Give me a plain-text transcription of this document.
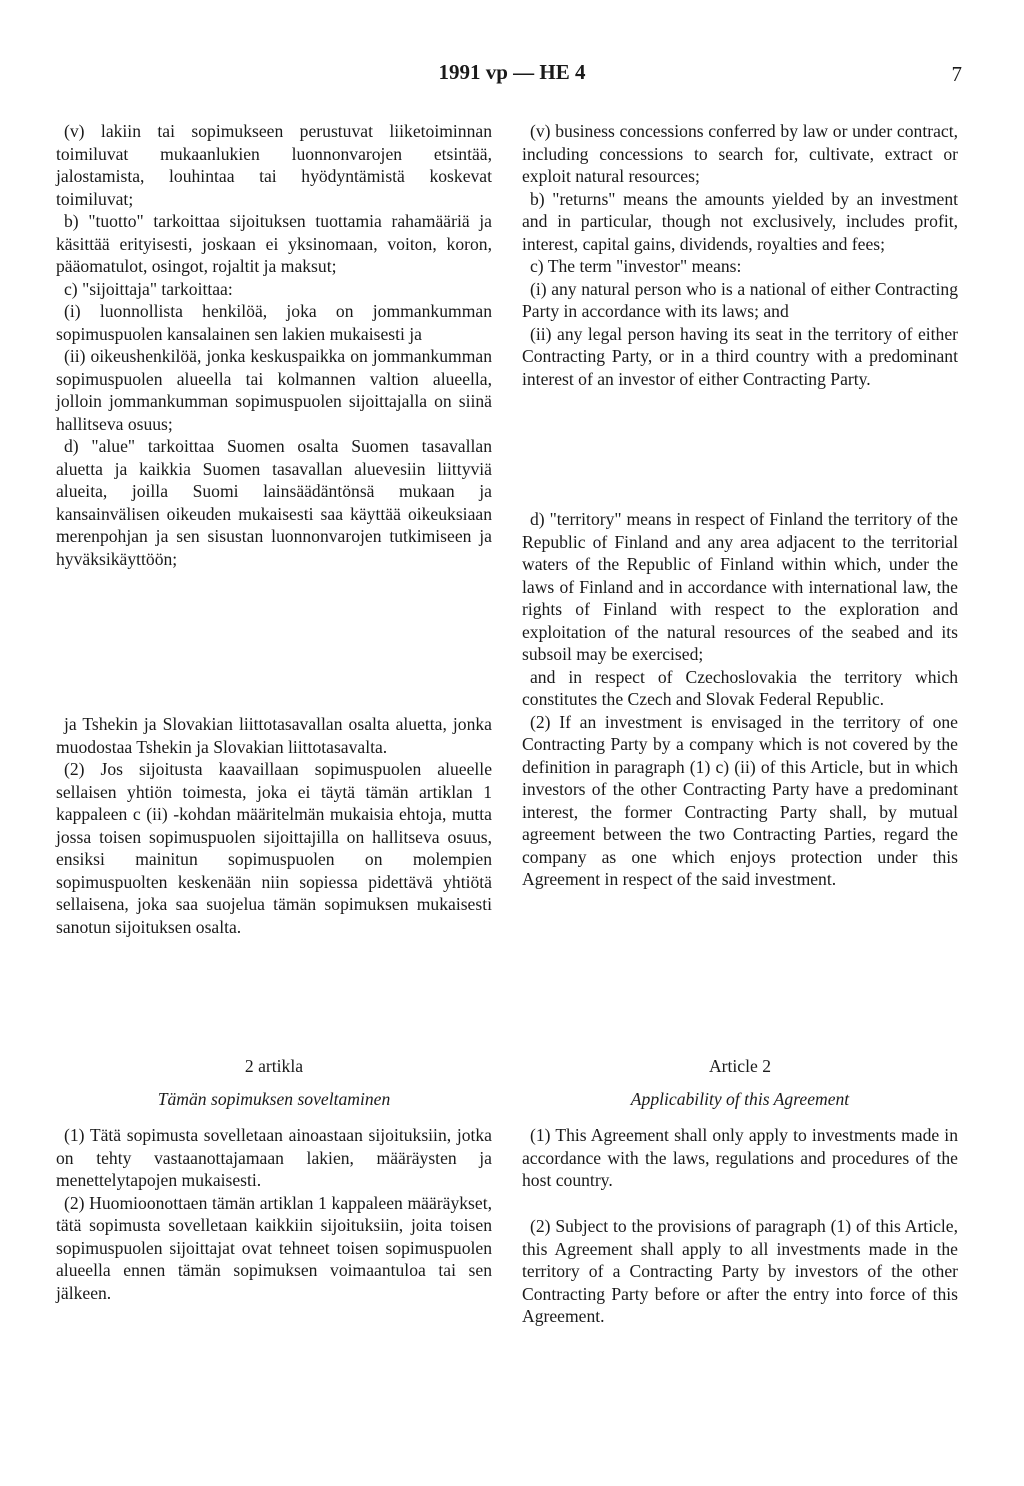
1991 vp — HE 4	7

(v) lakiin tai sopimukseen perustuvat liiketoiminnan toimiluvat mukaanlukien luonnonvarojen etsintää, jalostamista, louhintaa tai hyödyntämistä koskevat toimiluvat;

b) "tuotto" tarkoittaa sijoituksen tuottamia rahamääriä ja käsittää erityisesti, joskaan ei yksinomaan, voiton, koron, pääomatulot, osingot, rojaltit ja maksut;

c) "sijoittaja" tarkoittaa:

(i) luonnollista henkilöä, joka on jommankumman sopimuspuolen kansalainen sen lakien mukaisesti ja

(ii) oikeushenkilöä, jonka keskuspaikka on jommankumman sopimuspuolen alueella tai kolmannen valtion alueella, jolloin jommankumman sopimuspuolen sijoittajalla on siinä hallitseva osuus;

d) "alue" tarkoittaa Suomen osalta Suomen tasavallan aluetta ja kaikkia Suomen tasavallan aluevesiin liittyviä alueita, joilla Suomi lainsäädäntönsä mukaan ja kansainvälisen oikeuden mukaisesti saa käyttää oikeuksiaan merenpohjan ja sen sisustan luonnonvarojen tutkimiseen ja hyväksikäyttöön;

ja Tshekin ja Slovakian liittotasavallan osalta aluetta, jonka muodostaa Tshekin ja Slovakian liittotasavalta.

(2) Jos sijoitusta kaavaillaan sopimuspuolen alueelle sellaisen yhtiön toimesta, joka ei täytä tämän artiklan 1 kappaleen c (ii) -kohdan määritelmän mukaisia ehtoja, mutta jossa toisen sopimuspuolen sijoittajilla on hallitseva osuus, ensiksi mainitun sopimuspuolen on molempien sopimuspuolten keskenään niin sopiessa pidettävä yhtiötä sellaisena, joka saa suojelua tämän sopimuksen mukaisesti sanotun sijoituksen osalta.

2 artikla

Tämän sopimuksen soveltaminen

(1) Tätä sopimusta sovelletaan ainoastaan sijoituksiin, jotka on tehty vastaanottajamaan lakien, määräysten ja menettelytapojen mukaisesti.

(2) Huomioonottaen tämän artiklan 1 kappaleen määräykset, tätä sopimusta sovelletaan kaikkiin sijoituksiin, joita toisen sopimuspuolen sijoittajat ovat tehneet toisen sopimuspuolen alueella ennen tämän sopimuksen voimaantuloa tai sen jälkeen.

(v) business concessions conferred by law or under contract, including concessions to search for, cultivate, extract or exploit natural resources;

b) "returns" means the amounts yielded by an investment and in particular, though not exclusively, includes profit, interest, capital gains, dividends, royalties and fees;

c) The term "investor" means:

(i) any natural person who is a national of either Contracting Party in accordance with its laws; and

(ii) any legal person having its seat in the territory of either Contracting Party, or in a third country with a predominant interest of an investor of either Contracting Party.

d) "territory" means in respect of Finland the territory of the Republic of Finland and any area adjacent to the territorial waters of the Republic of Finland within which, under the laws of Finland and in accordance with international law, the rights of Finland with respect to the exploration and exploitation of the natural resources of the seabed and its subsoil may be exercised;

and in respect of Czechoslovakia the territory which constitutes the Czech and Slovak Federal Republic.

(2) If an investment is envisaged in the territory of one Contracting Party by a company which is not covered by the definition in paragraph (1) c) (ii) of this Article, but in which investors of the other Contracting Party have a predominant interest, the former Contracting Party shall, by mutual agreement between the two Contracting Parties, regard the company as one which enjoys protection under this Agreement in respect of the said investment.

Article 2

Applicability of this Agreement

(1) This Agreement shall only apply to investments made in accordance with the laws, regulations and procedures of the host country.

(2) Subject to the provisions of paragraph (1) of this Article, this Agreement shall apply to all investments made in the territory of a Contracting Party by investors of the other Contracting Party before or after the entry into force of this Agreement.
